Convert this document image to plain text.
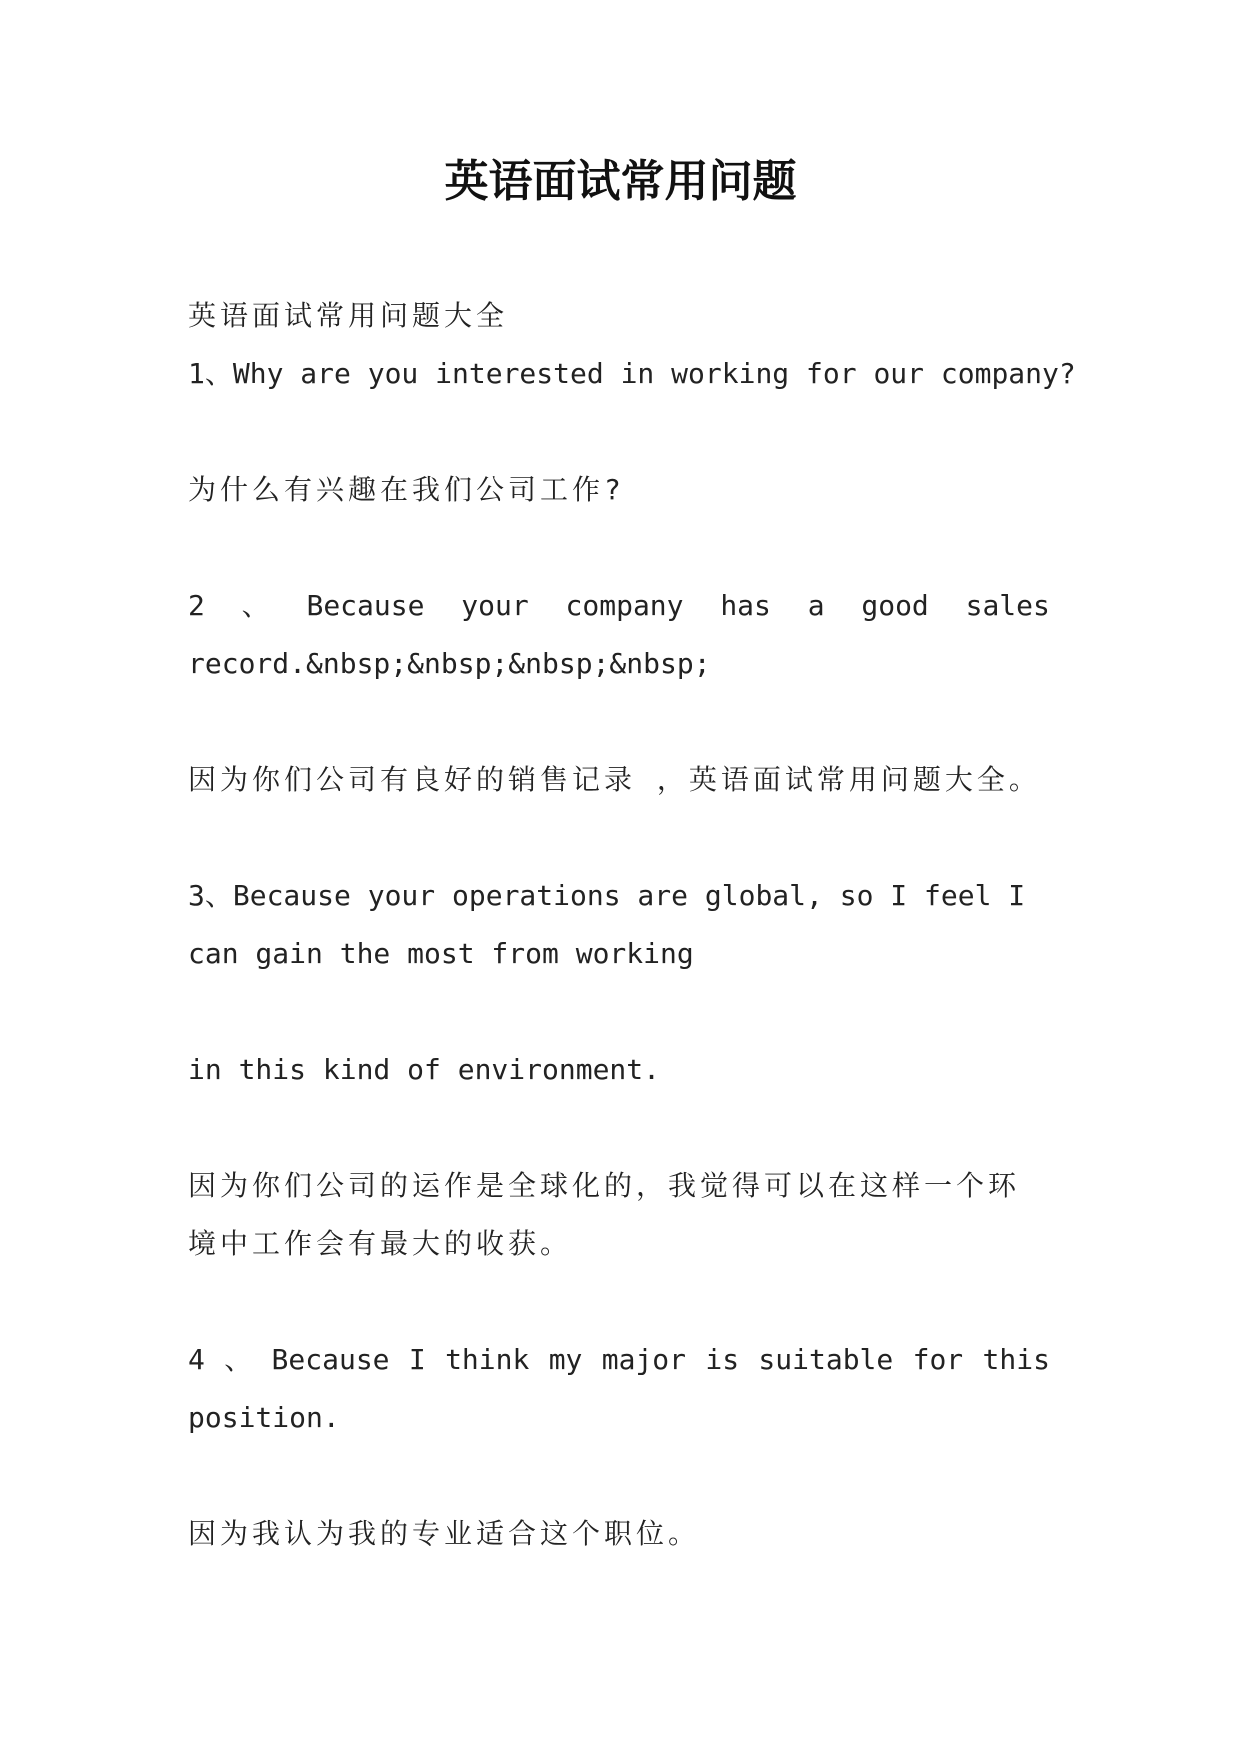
英语面试常用问题
英语面试常用问题大全
1、Why are you interested in working for our company?
为什么有兴趣在我们公司工作?
2 、 Because your company has a good sales
record.&nbsp;&nbsp;&nbsp;&nbsp;
因为你们公司有良好的销售记录 ，英语面试常用问题大全。
3、Because your operations are global, so I feel I
can gain the most from working
in this kind of environment.
因为你们公司的运作是全球化的，我觉得可以在这样一个环
境中工作会有最大的收获。
4 、 Because I think my major is suitable for this
position.
因为我认为我的专业适合这个职位。
